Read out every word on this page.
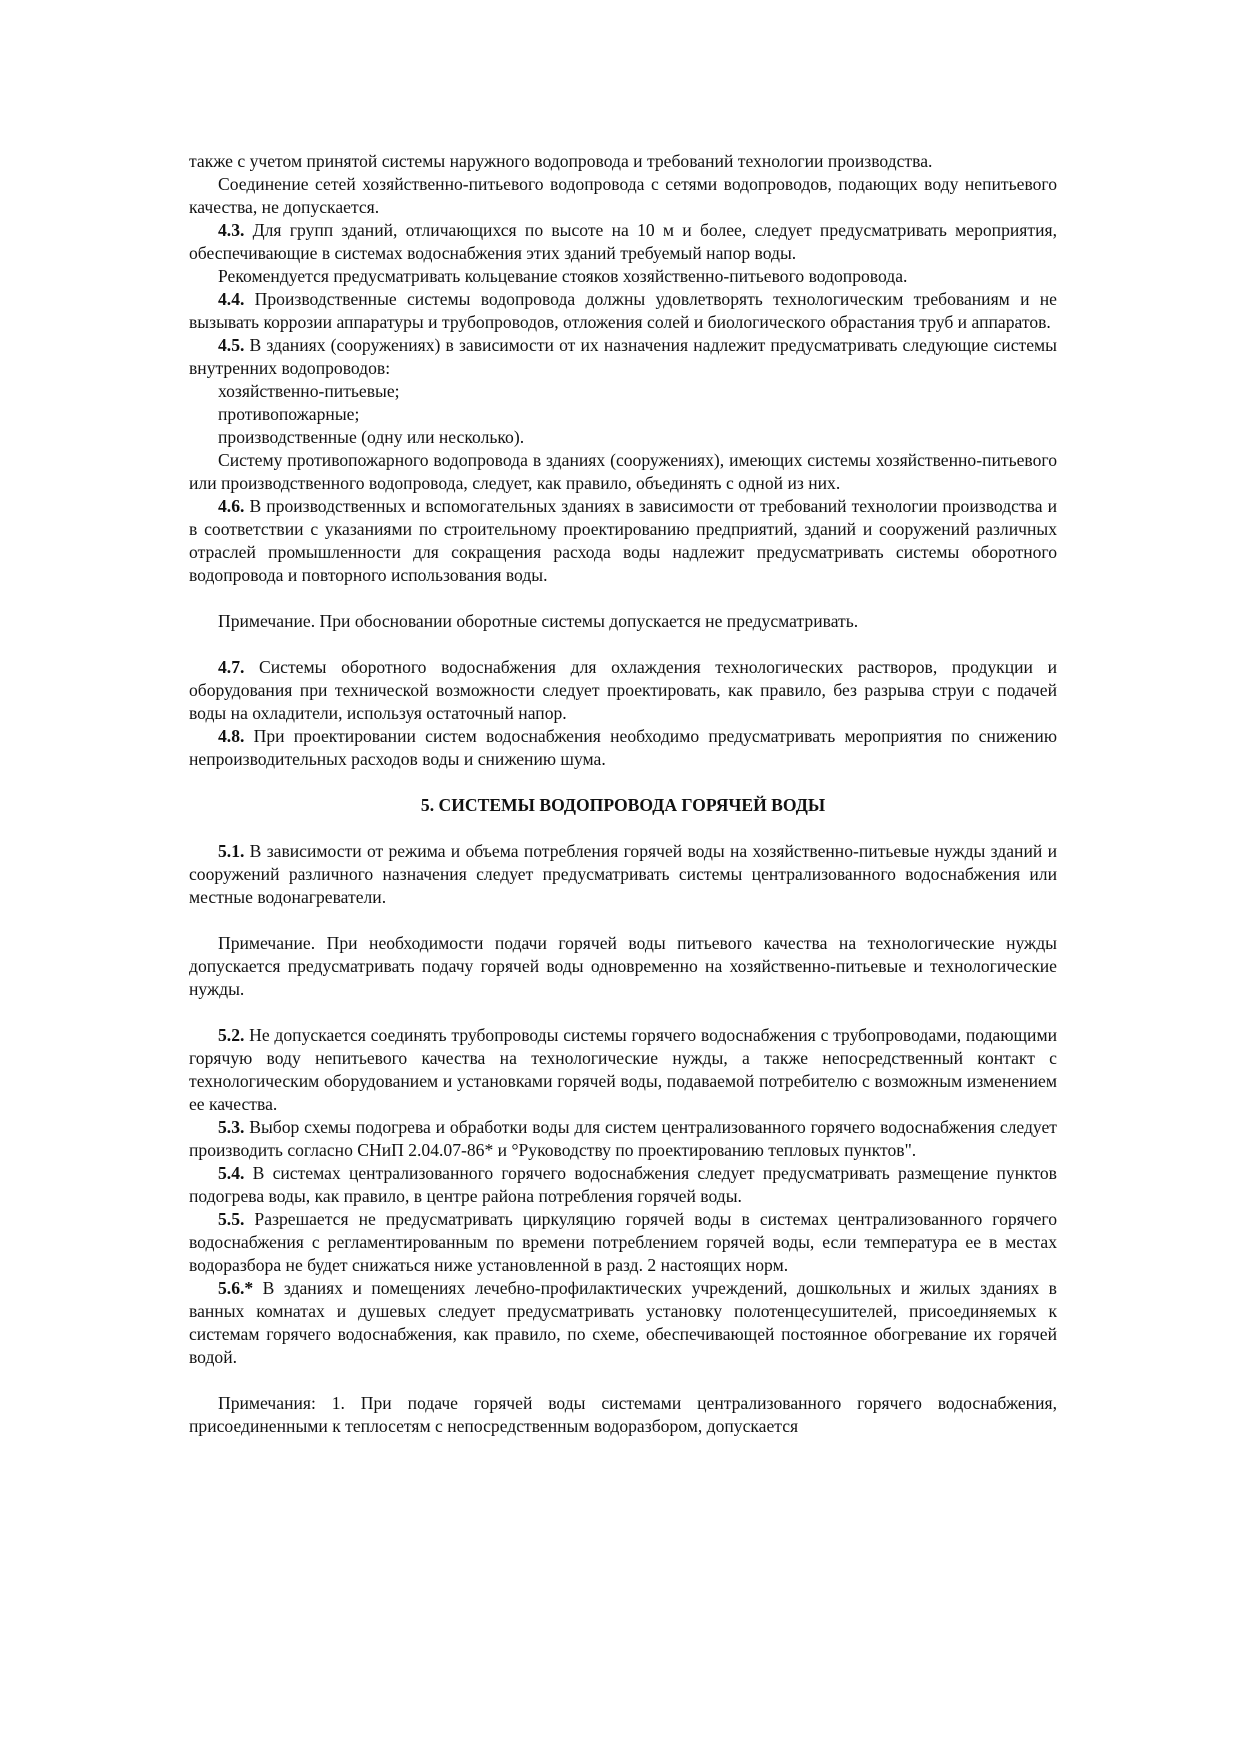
также с учетом принятой системы наружного водопровода и требований технологии производства.

Соединение сетей хозяйственно-питьевого водопровода с сетями водопроводов, подающих воду непитьевого качества, не допускается.

4.3. Для групп зданий, отличающихся по высоте на 10 м и более, следует предусматривать мероприятия, обеспечивающие в системах водоснабжения этих зданий требуемый напор воды.

Рекомендуется предусматривать кольцевание стояков хозяйственно-питьевого водопровода.

4.4. Производственные системы водопровода должны удовлетворять технологическим требованиям и не вызывать коррозии аппаратуры и трубопроводов, отложения солей и биологического обрастания труб и аппаратов.

4.5. В зданиях (сооружениях) в зависимости от их назначения надлежит предусматривать следующие системы внутренних водопроводов:

хозяйственно-питьевые;

противопожарные;

производственные (одну или несколько).

Систему противопожарного водопровода в зданиях (сооружениях), имеющих системы хозяйственно-питьевого или производственного водопровода, следует, как правило, объединять с одной из них.

4.6. В производственных и вспомогательных зданиях в зависимости от требований технологии производства и в соответствии с указаниями по строительному проектированию предприятий, зданий и сооружений различных отраслей промышленности для сокращения расхода воды надлежит предусматривать системы оборотного водопровода и повторного использования воды.

Примечание. При обосновании оборотные системы допускается не предусматривать.

4.7. Системы оборотного водоснабжения для охлаждения технологических растворов, продукции и оборудования при технической возможности следует проектировать, как правило, без разрыва струи с подачей воды на охладители, используя остаточный напор.

4.8. При проектировании систем водоснабжения необходимо предусматривать мероприятия по снижению непроизводительных расходов воды и снижению шума.

5. СИСТЕМЫ ВОДОПРОВОДА ГОРЯЧЕЙ ВОДЫ

5.1. В зависимости от режима и объема потребления горячей воды на хозяйственно-питьевые нужды зданий и сооружений различного назначения следует предусматривать системы централизованного водоснабжения или местные водонагреватели.

Примечание. При необходимости подачи горячей воды питьевого качества на технологические нужды допускается предусматривать подачу горячей воды одновременно на хозяйственно-питьевые и технологические нужды.

5.2. Не допускается соединять трубопроводы системы горячего водоснабжения с трубопроводами, подающими горячую воду непитьевого качества на технологические нужды, а также непосредственный контакт с технологическим оборудованием и установками горячей воды, подаваемой потребителю с возможным изменением ее качества.

5.3. Выбор схемы подогрева и обработки воды для систем централизованного горячего водоснабжения следует производить согласно СНиП 2.04.07-86* и °Руководству по проектированию тепловых пунктов".

5.4. В системах централизованного горячего водоснабжения следует предусматривать размещение пунктов подогрева воды, как правило, в центре района потребления горячей воды.

5.5. Разрешается не предусматривать циркуляцию горячей воды в системах централизованного горячего водоснабжения с регламентированным по времени потреблением горячей воды, если температура ее в местах водоразбора не будет снижаться ниже установленной в разд. 2 настоящих норм.

5.6.* В зданиях и помещениях лечебно-профилактических учреждений, дошкольных и жилых зданиях в ванных комнатах и душевых следует предусматривать установку полотенцесушителей, присоединяемых к системам горячего водоснабжения, как правило, по схеме, обеспечивающей постоянное обогревание их горячей водой.

Примечания: 1. При подаче горячей воды системами централизованного горячего водоснабжения, присоединенными к теплосетям с непосредственным водоразбором, допускается
